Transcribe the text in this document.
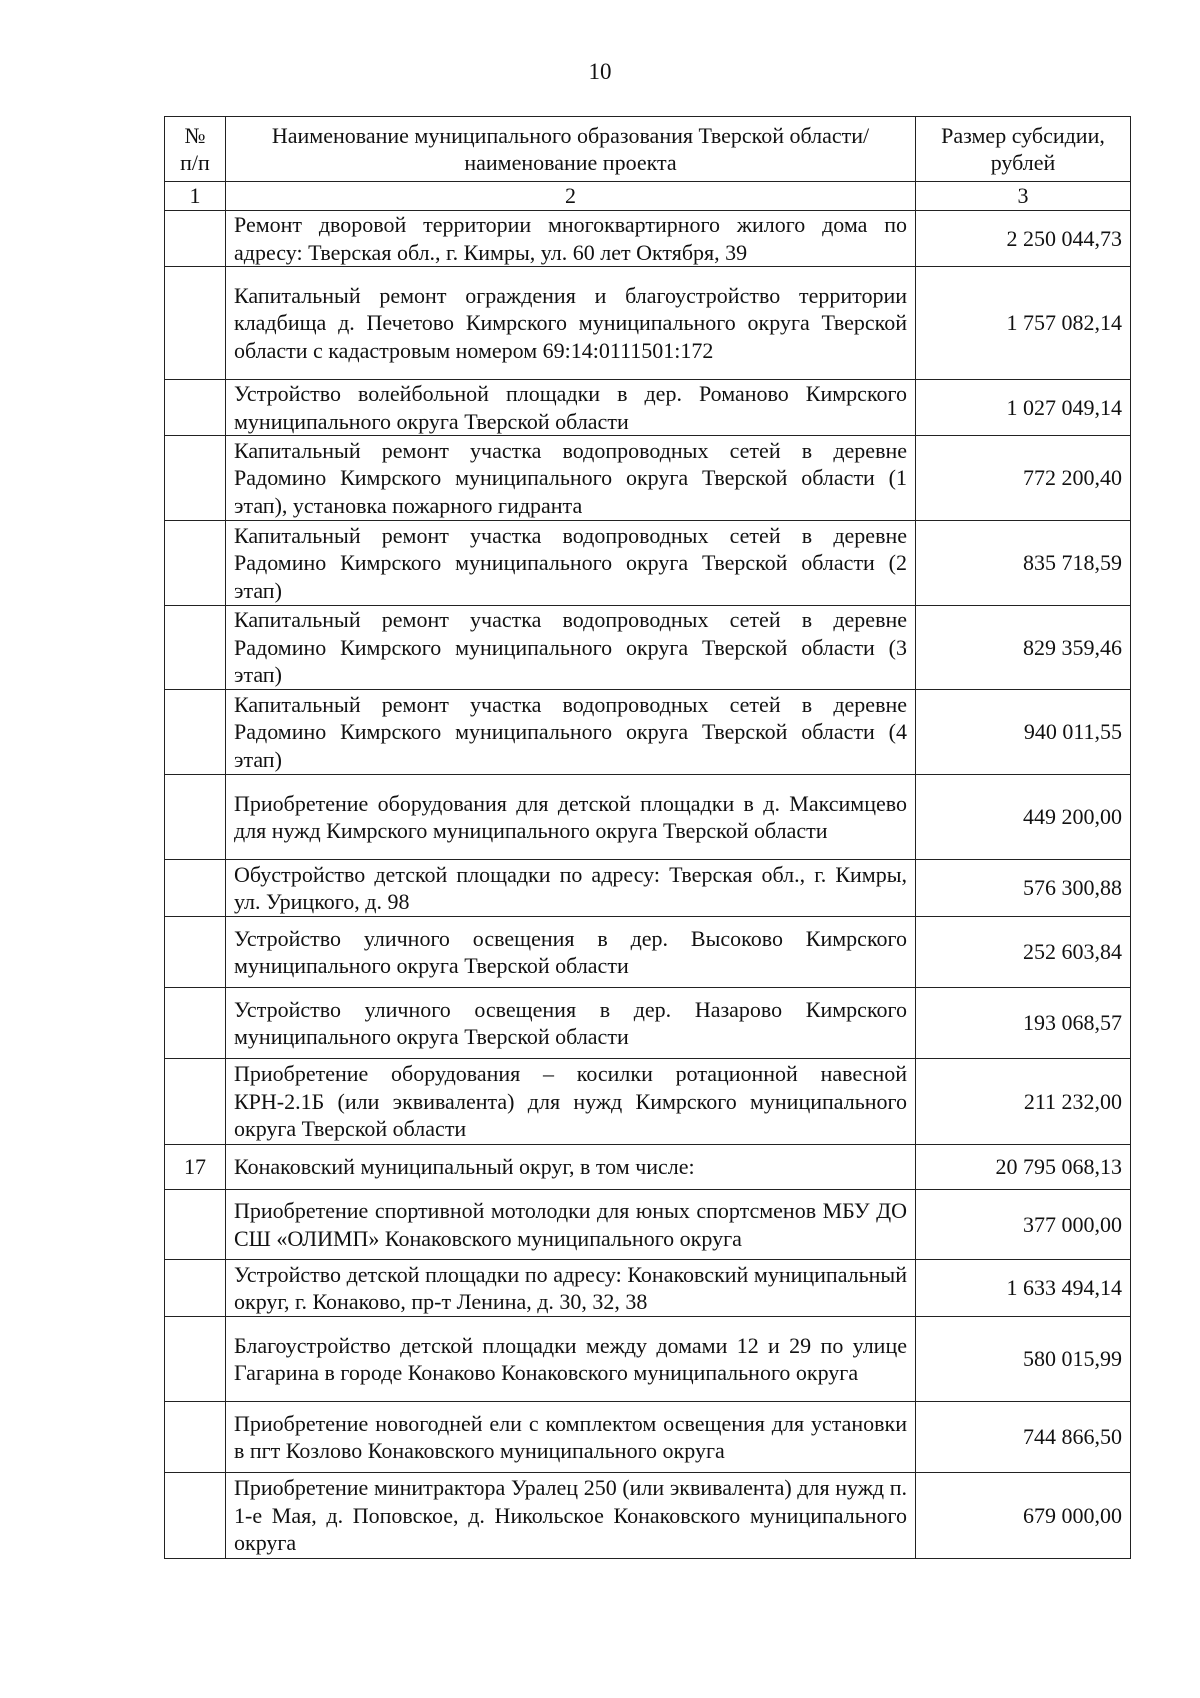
10
№ п/п	Наименование муниципального образования Тверской области/наименование проекта	Размер субсидии, рублей
1	2	3
	Ремонт дворовой территории многоквартирного жилого дома по адресу: Тверская обл., г. Кимры, ул. 60 лет Октября, 39	2 250 044,73
	Капитальный ремонт ограждения и благоустройство территории кладбища д. Печетово Кимрского муниципального округа Тверской области с кадастровым номером 69:14:0111501:172	1 757 082,14
	Устройство волейбольной площадки в дер. Романово Кимрского муниципального округа Тверской области	1 027 049,14
	Капитальный ремонт участка водопроводных сетей в деревне Радомино Кимрского муниципального округа Тверской области (1 этап), установка пожарного гидранта	772 200,40
	Капитальный ремонт участка водопроводных сетей в деревне Радомино Кимрского муниципального округа Тверской области (2 этап)	835 718,59
	Капитальный ремонт участка водопроводных сетей в деревне Радомино Кимрского муниципального округа Тверской области (3 этап)	829 359,46
	Капитальный ремонт участка водопроводных сетей в деревне Радомино Кимрского муниципального округа Тверской области (4 этап)	940 011,55
	Приобретение оборудования для детской площадки в д. Максимцево для нужд Кимрского муниципального округа Тверской области	449 200,00
	Обустройство детской площадки по адресу: Тверская обл., г. Кимры, ул. Урицкого, д. 98	576 300,88
	Устройство уличного освещения в дер. Высоково Кимрского муниципального округа Тверской области	252 603,84
	Устройство уличного освещения в дер. Назарово Кимрского муниципального округа Тверской области	193 068,57
	Приобретение оборудования – косилки ротационной навесной КРН-2.1Б (или эквивалента) для нужд Кимрского муниципального округа Тверской области	211 232,00
17	Конаковский муниципальный округ, в том числе:	20 795 068,13
	Приобретение спортивной мотолодки для юных спортсменов МБУ ДО СШ «ОЛИМП» Конаковского муниципального округа	377 000,00
	Устройство детской площадки по адресу: Конаковский муниципальный округ, г. Конаково, пр-т Ленина, д. 30, 32, 38	1 633 494,14
	Благоустройство детской площадки между домами 12 и 29 по улице Гагарина в городе Конаково Конаковского муниципального округа	580 015,99
	Приобретение новогодней ели с комплектом освещения для установки в пгт Козлово Конаковского муниципального округа	744 866,50
	Приобретение минитрактора Уралец 250 (или эквивалента) для нужд п. 1-е Мая, д. Поповское, д. Никольское Конаковского муниципального округа	679 000,00
